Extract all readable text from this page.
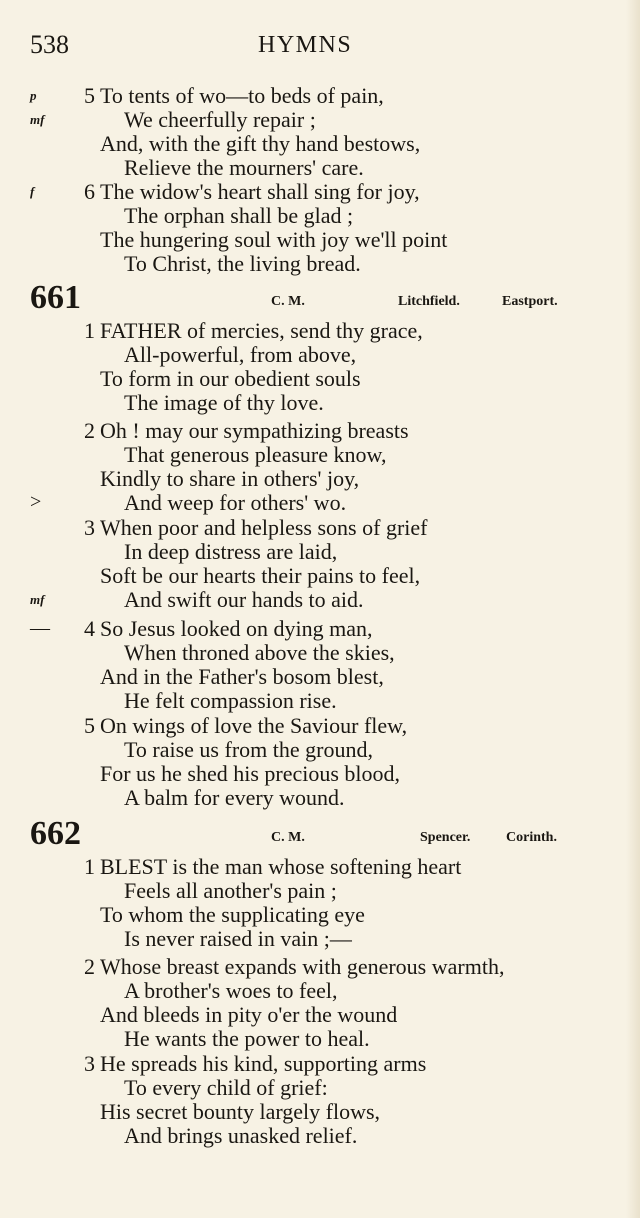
538	HYMNS
p	5 To tents of wo—to beds of pain,
mf	We cheerfully repair ;
And, with the gift thy hand bestows,
Relieve the mourners' care.
f	6 The widow's heart shall sing for joy,
The orphan shall be glad ;
The hungering soul with joy we'll point
To Christ, the living bread.
661	C. M.	Litchfield.	Eastport.
1 FATHER of mercies, send thy grace,
All-powerful, from above,
To form in our obedient souls
The image of thy love.
2 Oh ! may our sympathizing breasts
That generous pleasure know,
Kindly to share in others' joy,
>	And weep for others' wo.
3 When poor and helpless sons of grief
In deep distress are laid,
Soft be our hearts their pains to feel,
mf	And swift our hands to aid.
—	4 So Jesus looked on dying man,
When throned above the skies,
And in the Father's bosom blest,
He felt compassion rise.
5 On wings of love the Saviour flew,
To raise us from the ground,
For us he shed his precious blood,
A balm for every wound.
662	C. M.	Spencer.	Corinth.
1 BLEST is the man whose softening heart
Feels all another's pain ;
To whom the supplicating eye
Is never raised in vain ;—
2 Whose breast expands with generous warmth,
A brother's woes to feel,
And bleeds in pity o'er the wound
He wants the power to heal.
3 He spreads his kind, supporting arms
To every child of grief:
His secret bounty largely flows,
And brings unasked relief.
